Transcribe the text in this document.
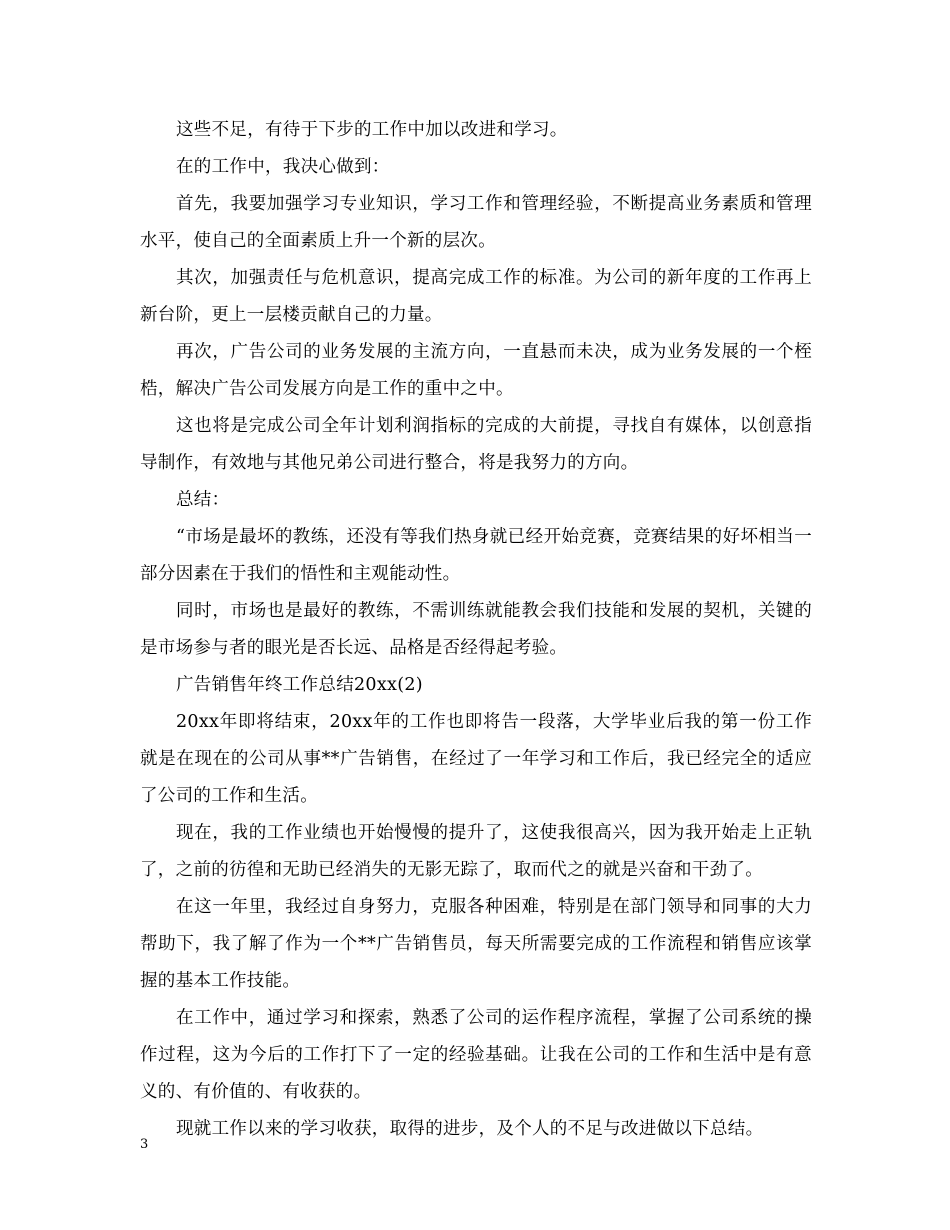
这些不足，有待于下步的工作中加以改进和学习。

在的工作中，我决心做到：

首先，我要加强学习专业知识，学习工作和管理经验，不断提高业务素质和管理水平，使自己的全面素质上升一个新的层次。

其次，加强责任与危机意识，提高完成工作的标准。为公司的新年度的工作再上新台阶，更上一层楼贡献自己的力量。

再次，广告公司的业务发展的主流方向，一直悬而未决，成为业务发展的一个桎梏，解决广告公司发展方向是工作的重中之中。

这也将是完成公司全年计划利润指标的完成的大前提，寻找自有媒体，以创意指导制作，有效地与其他兄弟公司进行整合，将是我努力的方向。

总结：

“市场是最坏的教练，还没有等我们热身就已经开始竞赛，竞赛结果的好坏相当一部分因素在于我们的悟性和主观能动性。

同时，市场也是最好的教练，不需训练就能教会我们技能和发展的契机，关键的是市场参与者的眼光是否长远、品格是否经得起考验。

广告销售年终工作总结20xx(2)

20xx年即将结束，20xx年的工作也即将告一段落，大学毕业后我的第一份工作就是在现在的公司从事**广告销售，在经过了一年学习和工作后，我已经完全的适应了公司的工作和生活。

现在，我的工作业绩也开始慢慢的提升了，这使我很高兴，因为我开始走上正轨了，之前的彷徨和无助已经消失的无影无踪了，取而代之的就是兴奋和干劲了。

在这一年里，我经过自身努力，克服各种困难，特别是在部门领导和同事的大力帮助下，我了解了作为一个**广告销售员，每天所需要完成的工作流程和销售应该掌握的基本工作技能。

在工作中，通过学习和探索，熟悉了公司的运作程序流程，掌握了公司系统的操作过程，这为今后的工作打下了一定的经验基础。让我在公司的工作和生活中是有意义的、有价值的、有收获的。

现就工作以来的学习收获，取得的进步，及个人的不足与改进做以下总结。

3
